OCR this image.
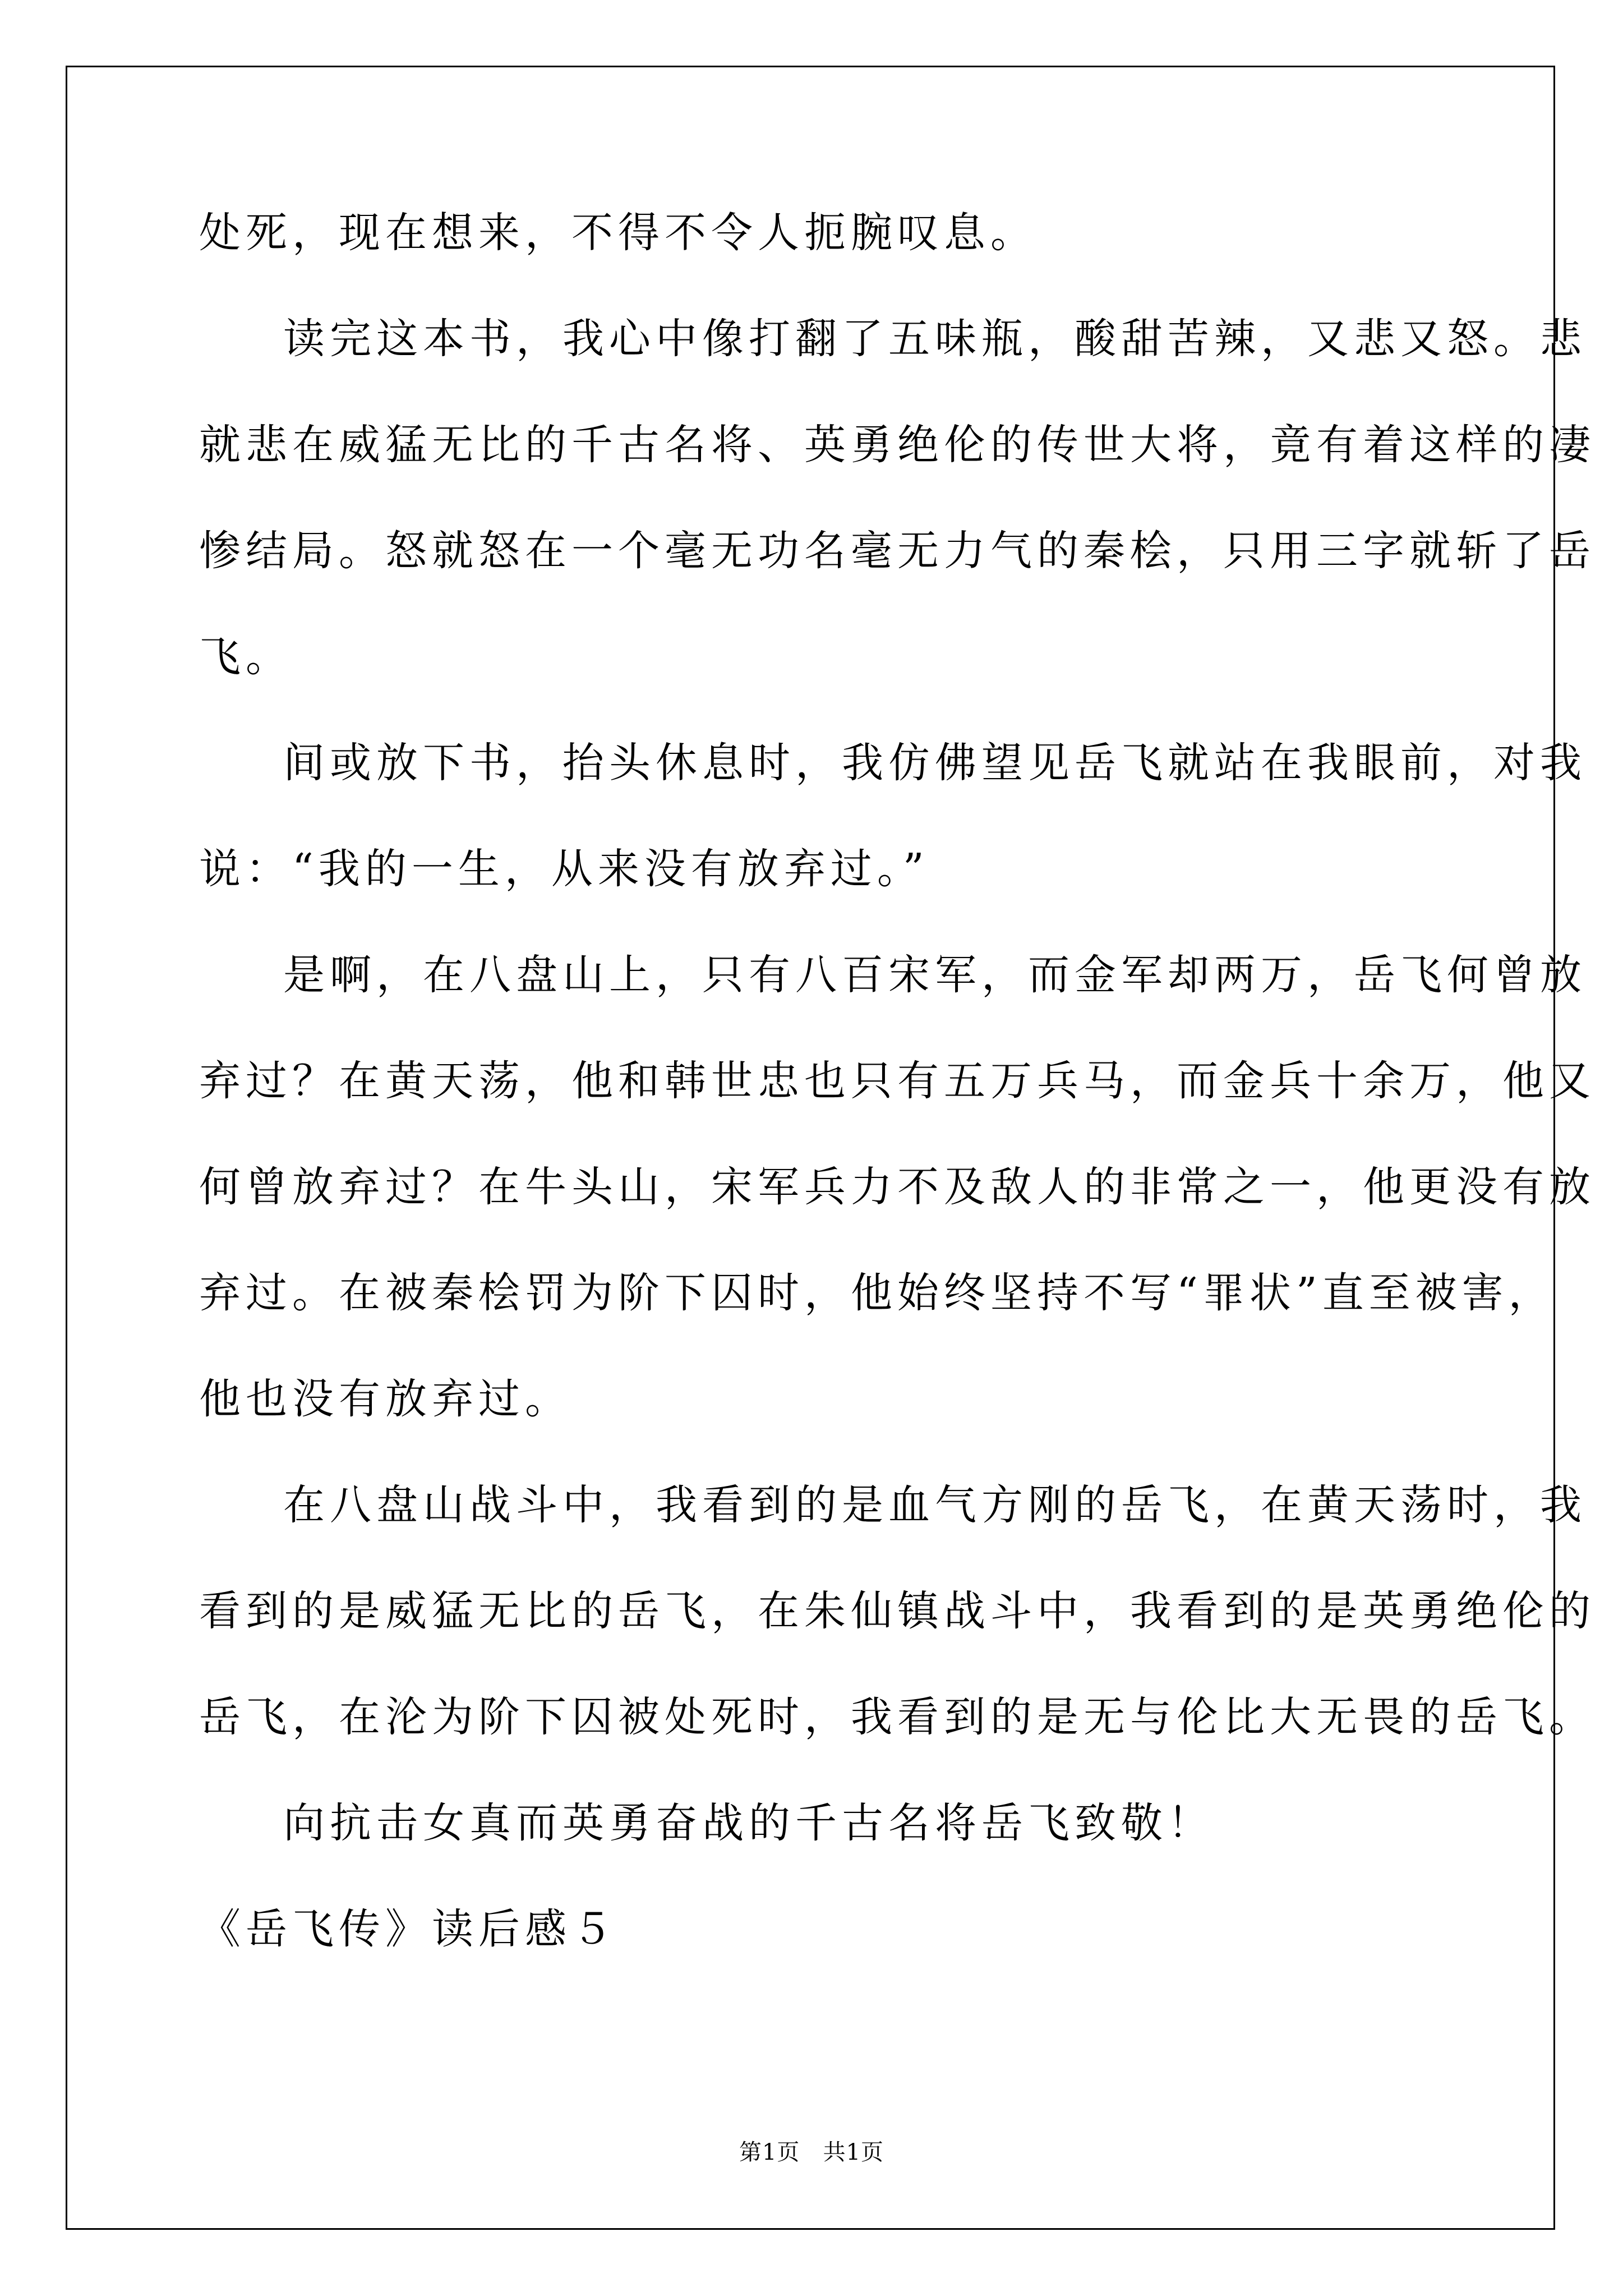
处死，现在想来，不得不令人扼腕叹息。
读完这本书，我心中像打翻了五味瓶，酸甜苦辣，又悲又怒。悲
就悲在威猛无比的千古名将、英勇绝伦的传世大将，竟有着这样的凄
惨结局。怒就怒在一个毫无功名毫无力气的秦桧，只用三字就斩了岳
飞。
间或放下书，抬头休息时，我仿佛望见岳飞就站在我眼前，对我
说：“我的一生，从来没有放弃过。”
是啊，在八盘山上，只有八百宋军，而金军却两万，岳飞何曾放
弃过？在黄天荡，他和韩世忠也只有五万兵马，而金兵十余万，他又
何曾放弃过？在牛头山，宋军兵力不及敌人的非常之一，他更没有放
弃过。在被秦桧罚为阶下囚时，他始终坚持不写“罪状”直至被害，
他也没有放弃过。
在八盘山战斗中，我看到的是血气方刚的岳飞，在黄天荡时，我
看到的是威猛无比的岳飞，在朱仙镇战斗中，我看到的是英勇绝伦的
岳飞，在沦为阶下囚被处死时，我看到的是无与伦比大无畏的岳飞。
向抗击女真而英勇奋战的千古名将岳飞致敬！
《岳飞传》读后感５
第1页 共1页
